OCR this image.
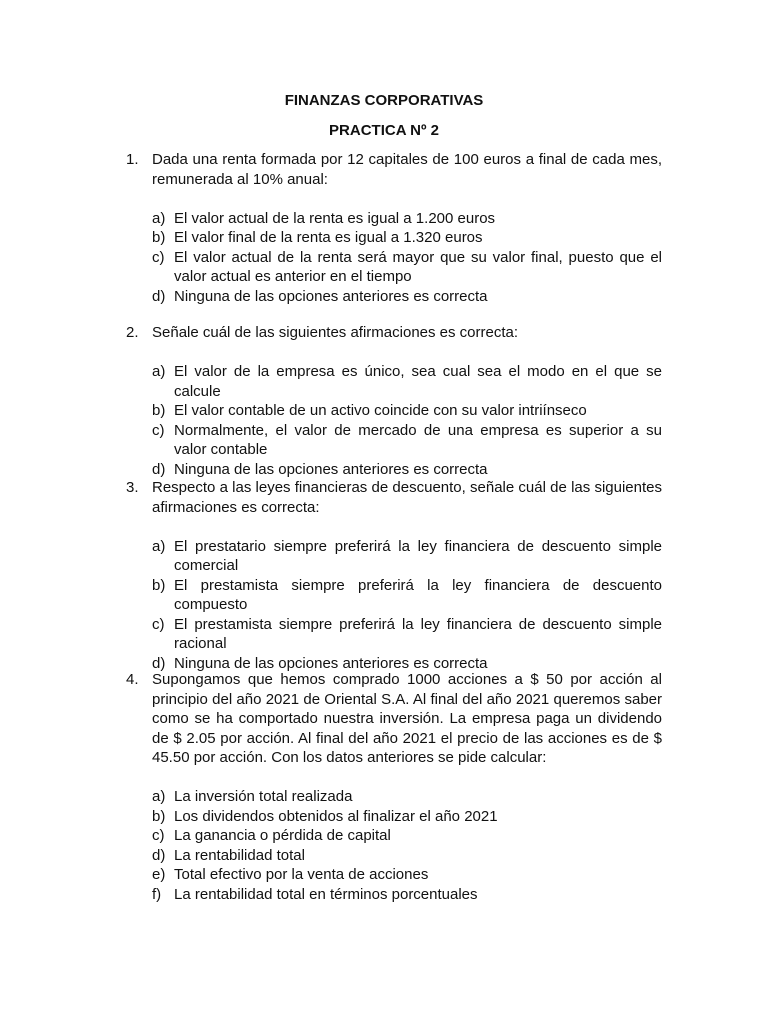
FINANZAS CORPORATIVAS
PRACTICA Nº 2
1. Dada una renta formada por 12 capitales de 100 euros a final de cada mes, remunerada al 10% anual:
a) El valor actual de la renta es igual a 1.200 euros
b) El valor final de la renta es igual a 1.320 euros
c) El valor actual de la renta será mayor que su valor final, puesto que el valor actual es anterior en el tiempo
d) Ninguna de las opciones anteriores es correcta
2. Señale cuál de las siguientes afirmaciones es correcta:
a) El valor de la empresa es único, sea cual sea el modo en el que se calcule
b) El valor contable de un activo coincide con su valor intriínseco
c) Normalmente, el valor de mercado de una empresa es superior a su valor contable
d) Ninguna de las opciones anteriores es correcta
3. Respecto a las leyes financieras de descuento, señale cuál de las siguientes afirmaciones es correcta:
a) El prestatario siempre preferirá la ley financiera de descuento simple comercial
b) El prestamista siempre preferirá la ley financiera de descuento compuesto
c) El prestamista siempre preferirá la ley financiera de descuento simple racional
d) Ninguna de las opciones anteriores es correcta
4. Supongamos que hemos comprado 1000 acciones a $ 50 por acción al principio del año 2021 de Oriental S.A. Al final del año 2021 queremos saber como se ha comportado nuestra inversión. La empresa paga un dividendo de $ 2.05 por acción. Al final del año 2021 el precio de las acciones es de $ 45.50 por acción. Con los datos anteriores se pide calcular:
a) La inversión total realizada
b) Los dividendos obtenidos al finalizar el año 2021
c) La ganancia o pérdida de capital
d) La rentabilidad total
e) Total efectivo por la venta de acciones
f) La rentabilidad total en términos porcentuales
